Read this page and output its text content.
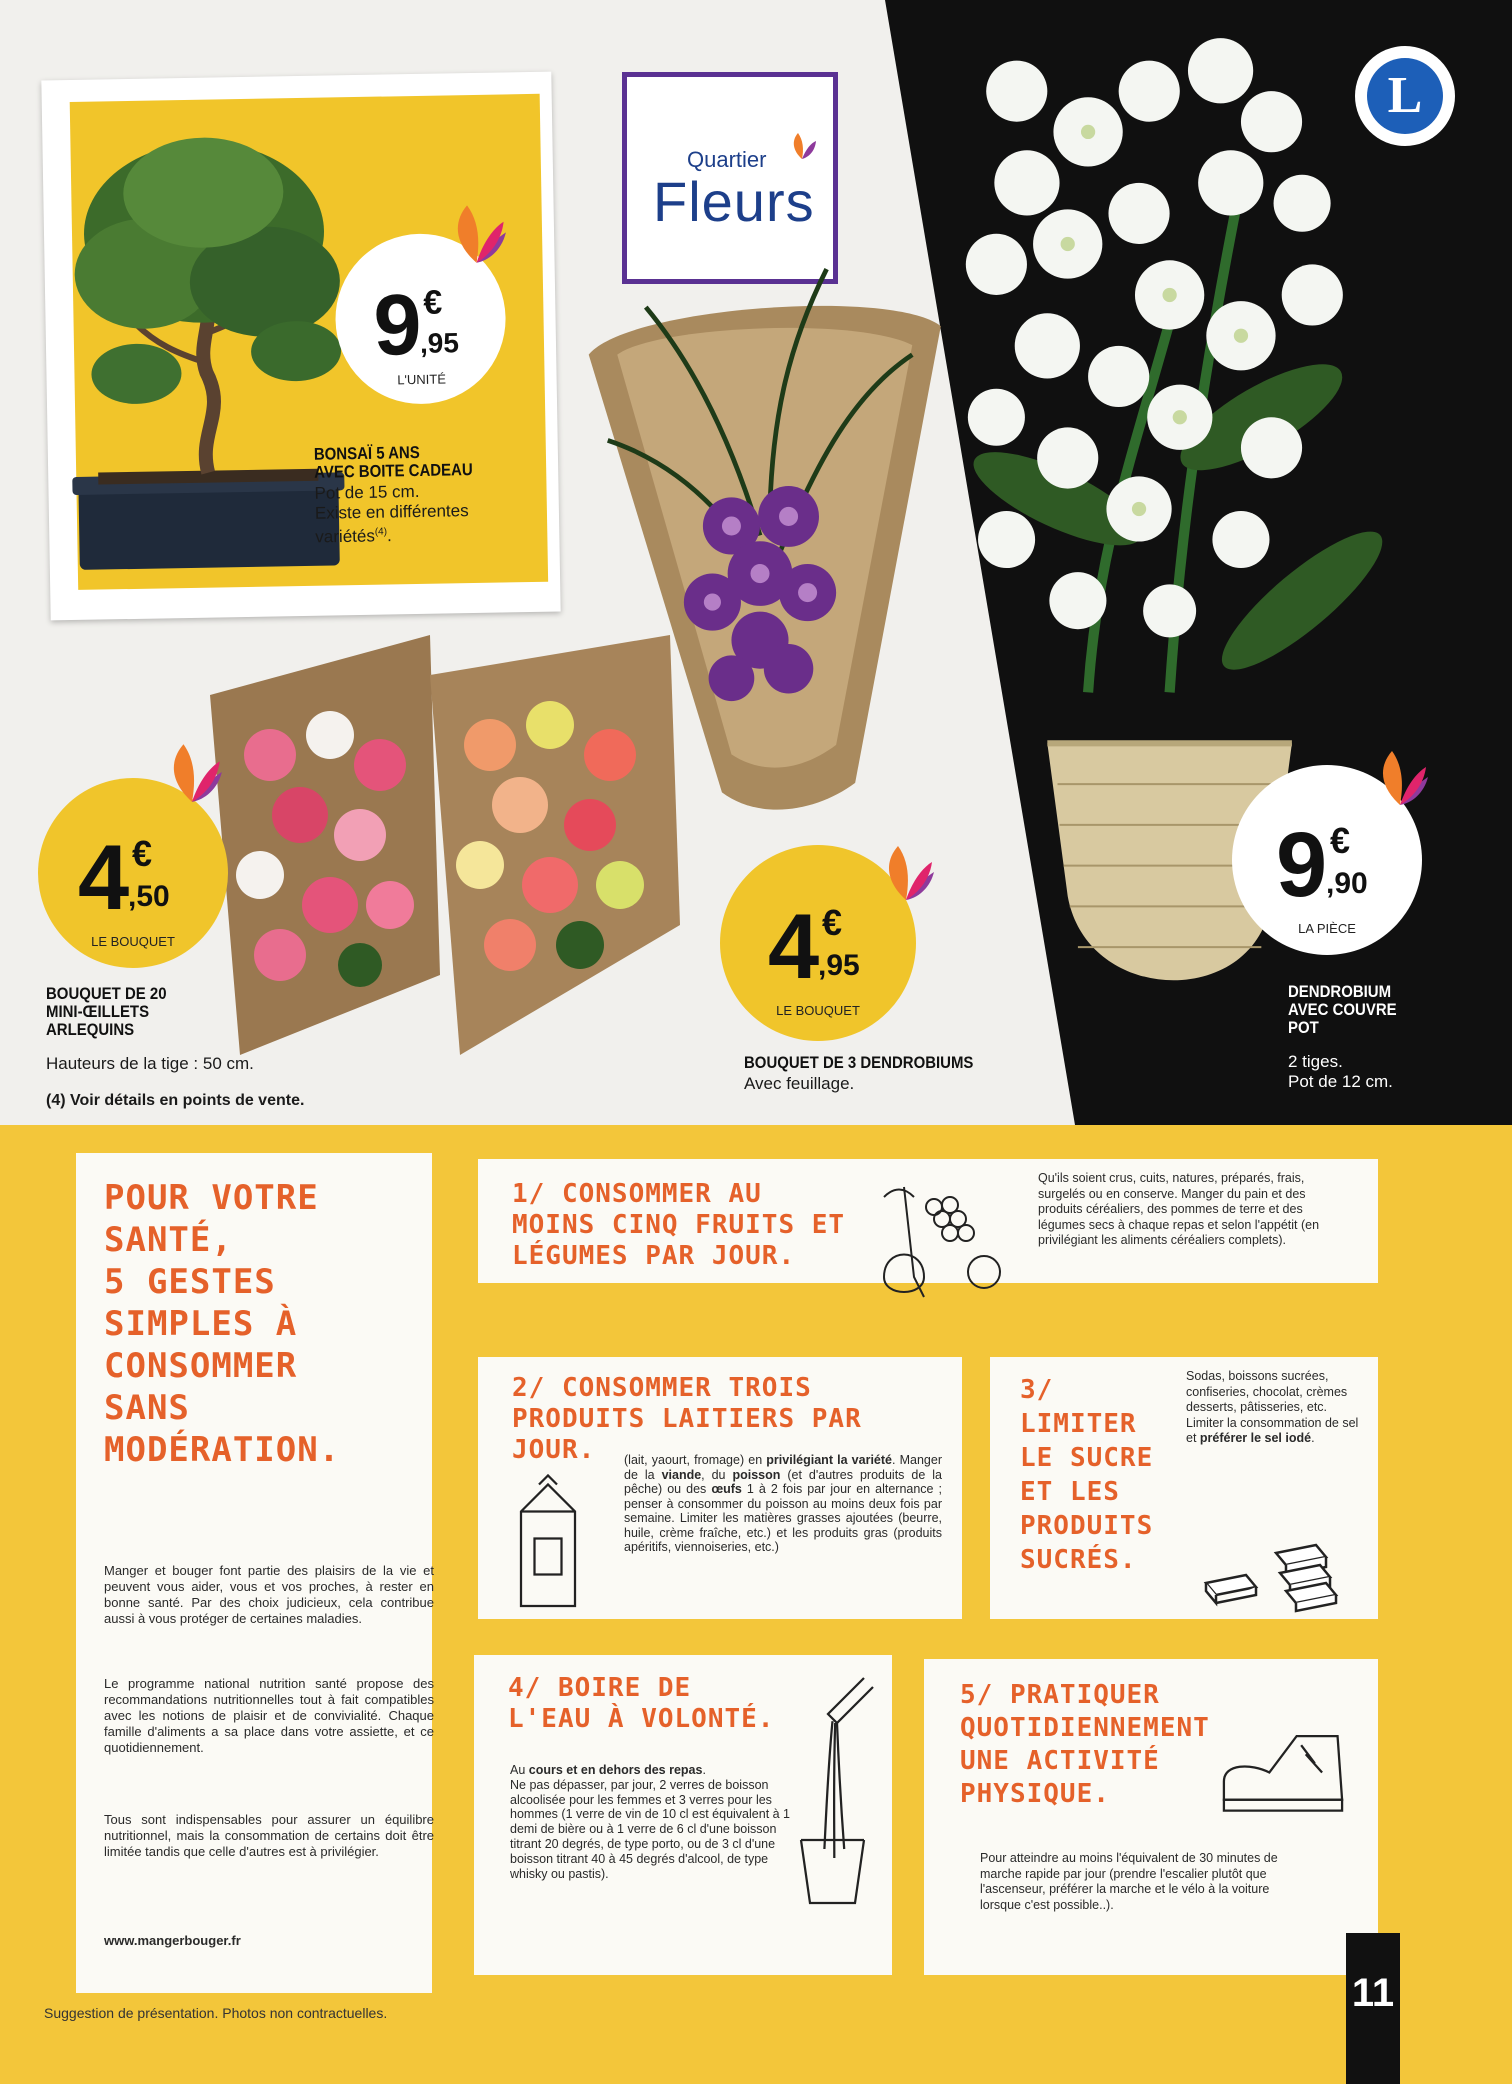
9 €
,95
L'UNITÉ
BONSAÏ 5 ANS
AVEC BOITE CADEAU
Pot de 15 cm.
Existe en différentes
variétés$^{(4)}$.
Quartier
Fleurs
L
4 €
,50
LE BOUQUET
BOUQUET DE 20
MINI-ŒILLETS
ARLEQUINS
Hauteurs de la tige : 50 cm.
4 €
,95
LE BOUQUET
BOUQUET DE 3 DENDROBIUMS
Avec feuillage.
9 €
,90
LA PIÈCE
DENDROBIUM
AVEC COUVRE
POT
2 tiges.
Pot de 12 cm.
(4) Voir détails en points de vente.
POUR VOTRE
SANTÉ,
5 GESTES
SIMPLES À
CONSOMMER
SANS
MODÉRATION.

Manger et bouger font partie des plaisirs de la vie et peuvent vous aider, vous et vos proches, à rester en bonne santé. Par des choix judicieux, cela contribue aussi à vous protéger de certaines maladies.

Le programme national nutrition santé propose des recommandations nutritionnelles tout à fait compatibles avec les notions de plaisir et de convivialité. Chaque famille d'aliments a sa place dans votre assiette, et ce quotidiennement.

Tous sont indispensables pour assurer un équilibre nutritionnel, mais la consommation de certains doit être limitée tandis que celle d'autres est à privilégier.

www.mangerbouger.fr
1/ CONSOMMER AU
MOINS CINQ FRUITS ET
LÉGUMES PAR JOUR.

Qu'ils soient crus, cuits, natures, préparés, frais, surgelés ou en conserve. Manger du pain et des produits céréaliers, des pommes de terre et des légumes secs à chaque repas et selon l'appétit (en privilégiant les aliments céréaliers complets).

2/ CONSOMMER TROIS
PRODUITS LAITIERS PAR
JOUR.	(lait, yaourt, fromage) en privilégiant la variété. Manger de la viande, du poisson (et d'autres produits de la pêche) ou des œufs 1 à 2 fois par jour en alternance ; penser à consommer du poisson au moins deux fois par semaine. Limiter les matières grasses ajoutées (beurre, huile, crème fraîche, etc.) et les produits gras (produits apéritifs, viennoiseries, etc.)

3/
LIMITER
LE SUCRE
ET LES
PRODUITS
SUCRÉS.

Sodas, boissons sucrées, confiseries, chocolat, crèmes desserts, pâtisseries, etc. Limiter la consommation de sel et préférer le sel iodé.

4/ BOIRE DE
L'EAU À VOLONTÉ.

Au cours et en dehors des repas.
Ne pas dépasser, par jour, 2 verres de boisson alcoolisée pour les femmes et 3 verres pour les hommes (1 verre de vin de 10 cl est équivalent à 1 demi de bière ou à 1 verre de 6 cl d'une boisson titrant 20 degrés, de type porto, ou de 3 cl d'une boisson titrant 40 à 45 degrés d'alcool, de type whisky ou pastis).

5/ PRATIQUER
QUOTIDIENNEMENT
UNE ACTIVITÉ
PHYSIQUE.

Pour atteindre au moins l'équivalent de 30 minutes de marche rapide par jour (prendre l'escalier plutôt que l'ascenseur, préférer la marche et le vélo à la voiture lorsque c'est possible..).

Suggestion de présentation. Photos non contractuelles.	11
